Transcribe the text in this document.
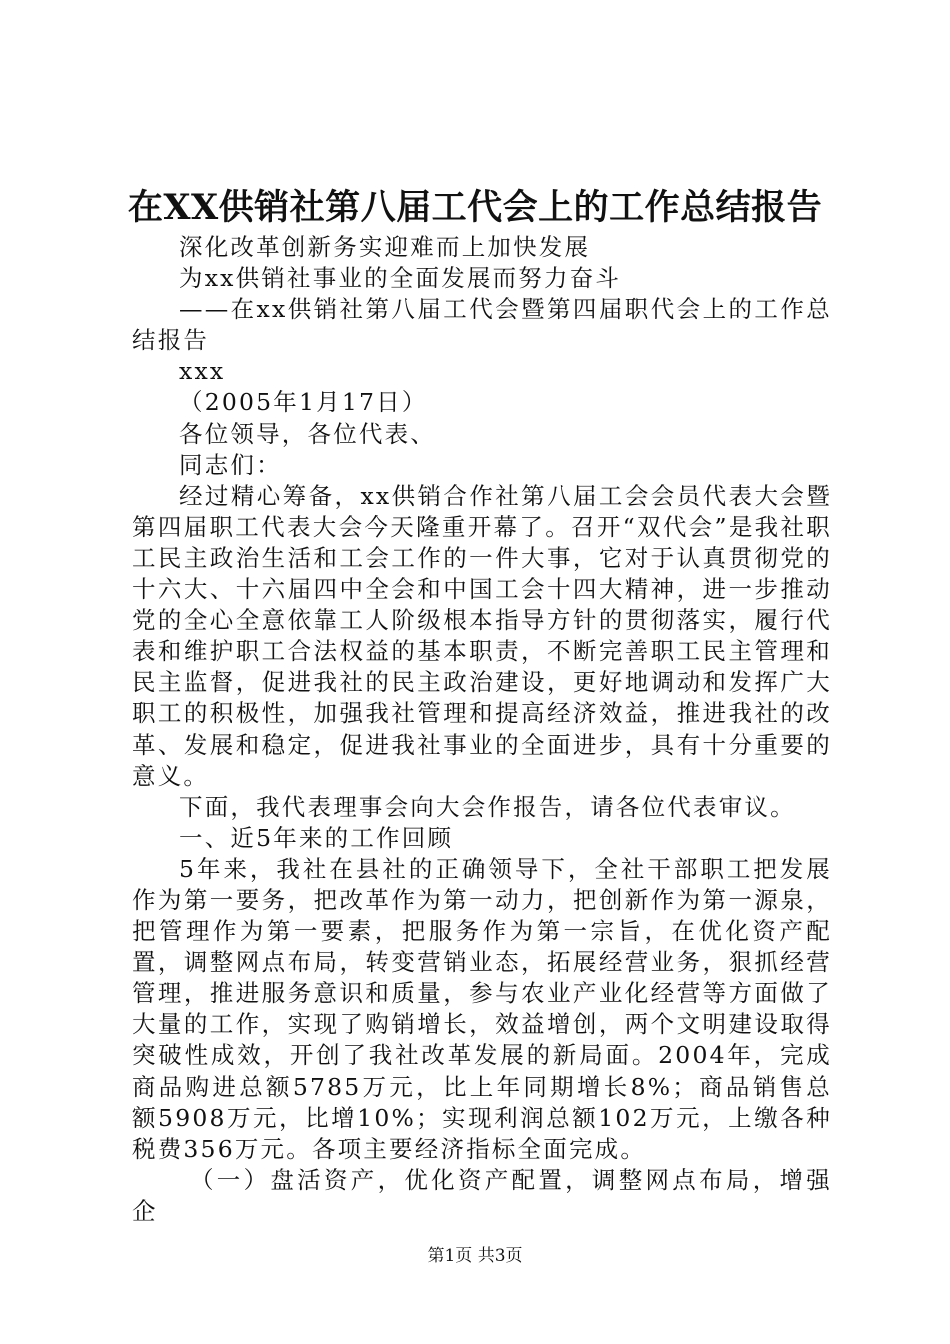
在XX供销社第八届工代会上的工作总结报告

深化改革创新务实迎难而上加快发展

为xx供销社事业的全面发展而努力奋斗

——在xx供销社第八届工代会暨第四届职代会上的工作总结报告

xxx

（2005年1月17日）

各位领导，各位代表、

同志们：

经过精心筹备，xx供销合作社第八届工会会员代表大会暨第四届职工代表大会今天隆重开幕了。召开“双代会”是我社职工民主政治生活和工会工作的一件大事，它对于认真贯彻党的十六大、十六届四中全会和中国工会十四大精神，进一步推动党的全心全意依靠工人阶级根本指导方针的贯彻落实，履行代表和维护职工合法权益的基本职责，不断完善职工民主管理和民主监督，促进我社的民主政治建设，更好地调动和发挥广大职工的积极性，加强我社管理和提高经济效益，推进我社的改革、发展和稳定，促进我社事业的全面进步，具有十分重要的意义。

下面，我代表理事会向大会作报告，请各位代表审议。

一、近5年来的工作回顾

5年来，我社在县社的正确领导下，全社干部职工把发展作为第一要务，把改革作为第一动力，把创新作为第一源泉，把管理作为第一要素，把服务作为第一宗旨，在优化资产配置，调整网点布局，转变营销业态，拓展经营业务，狠抓经营管理，推进服务意识和质量，参与农业产业化经营等方面做了大量的工作，实现了购销增长，效益增创，两个文明建设取得突破性成效，开创了我社改革发展的新局面。2004年，完成商品购进总额5785万元，比上年同期增长8%；商品销售总额5908万元，比增10%；实现利润总额102万元，上缴各种税费356万元。各项主要经济指标全面完成。

（一）盘活资产，优化资产配置，调整网点布局，增强企

第1页 共3页
